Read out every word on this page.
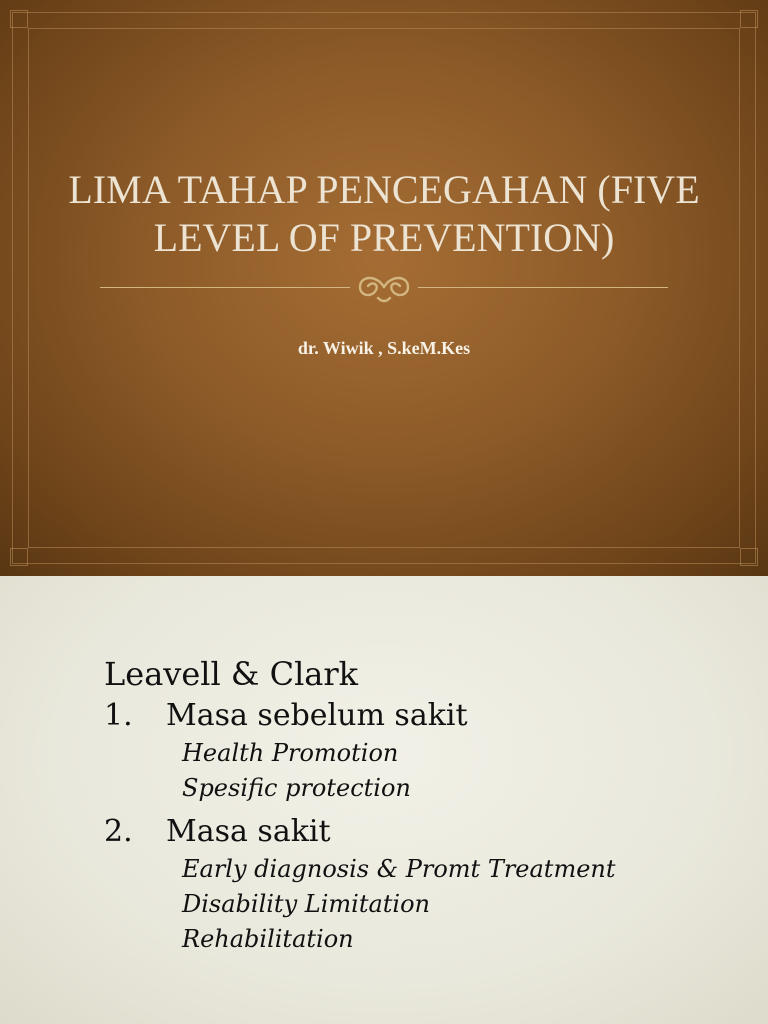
LIMA TAHAP PENCEGAHAN (FIVE
LEVEL OF PREVENTION)
dr. Wiwik , S.keM.Kes
Leavell & Clark
1.	Masa sebelum sakit
Health Promotion
Spesific protection
2.	Masa sakit
Early diagnosis & Promt Treatment
Disability Limitation
Rehabilitation
